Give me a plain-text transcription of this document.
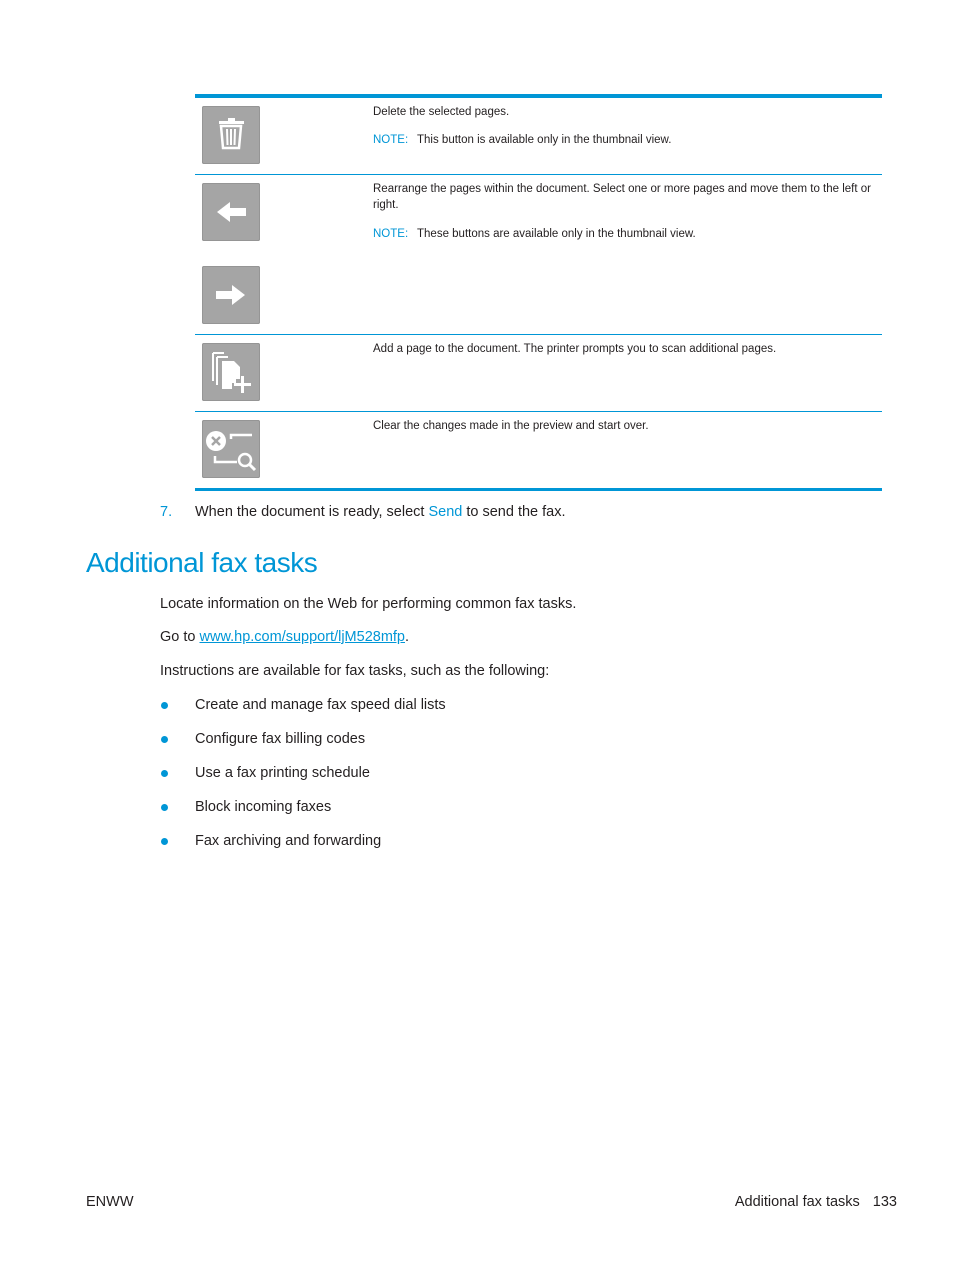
Delete the selected pages.
NOTE: This button is available only in the thumbnail view.
Rearrange the pages within the document. Select one or more pages and move them to the left or right.
NOTE: These buttons are available only in the thumbnail view.
Add a page to the document. The printer prompts you to scan additional pages.
Clear the changes made in the preview and start over.
7. When the document is ready, select Send to send the fax.
Additional fax tasks
Locate information on the Web for performing common fax tasks.
Go to www.hp.com/support/ljM528mfp.
Instructions are available for fax tasks, such as the following:
Create and manage fax speed dial lists
Configure fax billing codes
Use a fax printing schedule
Block incoming faxes
Fax archiving and forwarding
ENWW	Additional fax tasks 133
